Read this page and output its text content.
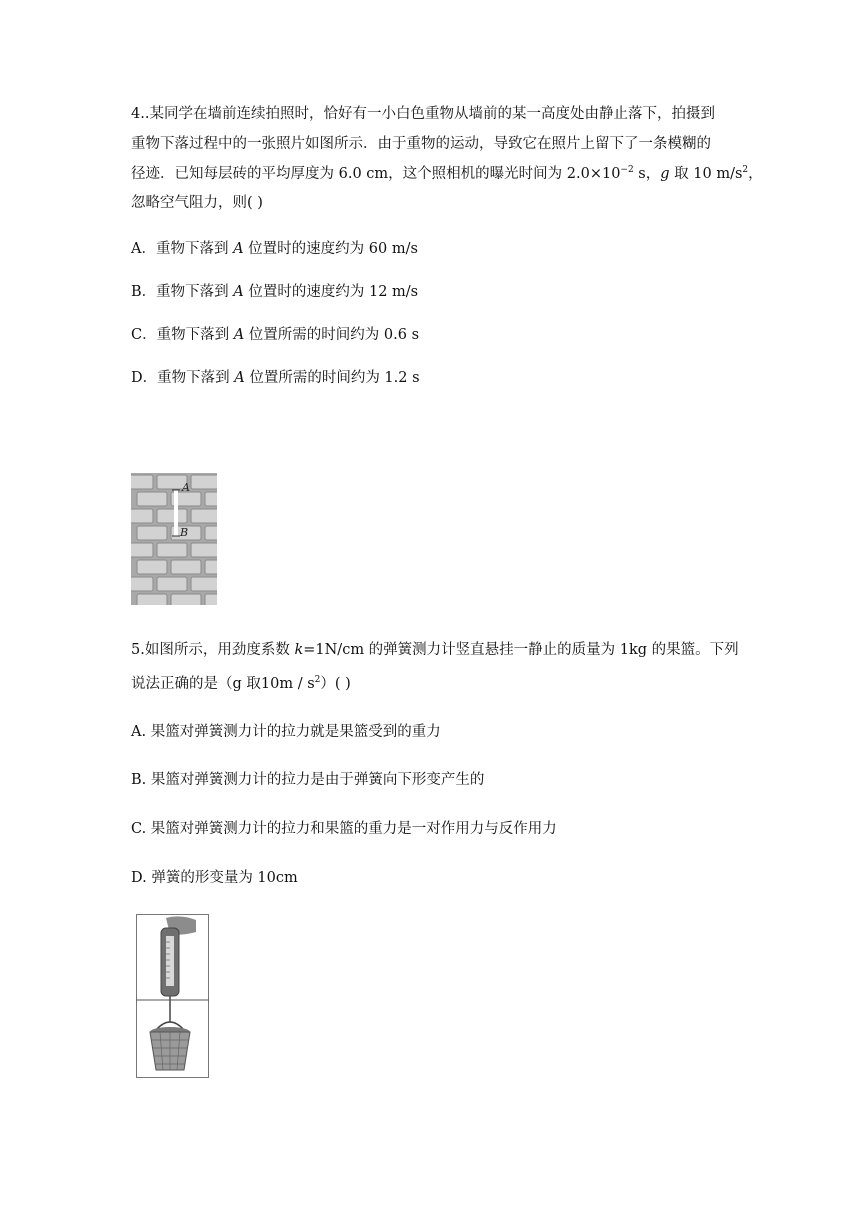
4..某同学在墙前连续拍照时，恰好有一小白色重物从墙前的某一高度处由静止落下，拍摄到
重物下落过程中的一张照片如图所示．由于重物的运动，导致它在照片上留下了一条模糊的
径迹．已知每层砖的平均厚度为 6.0 cm，这个照相机的曝光时间为 $2.0\times 10^{-2}$ s，g 取 10 $m/s^2$，
忽略空气阻力，则( )
A．重物下落到 A 位置时的速度约为 60 m/s
B．重物下落到 A 位置时的速度约为 12 m/s
C．重物下落到 A 位置所需的时间约为 0.6 s
D．重物下落到 A 位置所需的时间约为 1.2 s
A
B
5.如图所示，用劲度系数 k=1N/cm 的弹簧测力计竖直悬挂一静止的质量为 1kg 的果篮。下列
说法正确的是（g 取$10m / s^2$）( )
A. 果篮对弹簧测力计的拉力就是果篮受到的重力
B. 果篮对弹簧测力计的拉力是由于弹簧向下形变产生的
C. 果篮对弹簧测力计的拉力和果篮的重力是一对作用力与反作用力
D. 弹簧的形变量为 10cm
